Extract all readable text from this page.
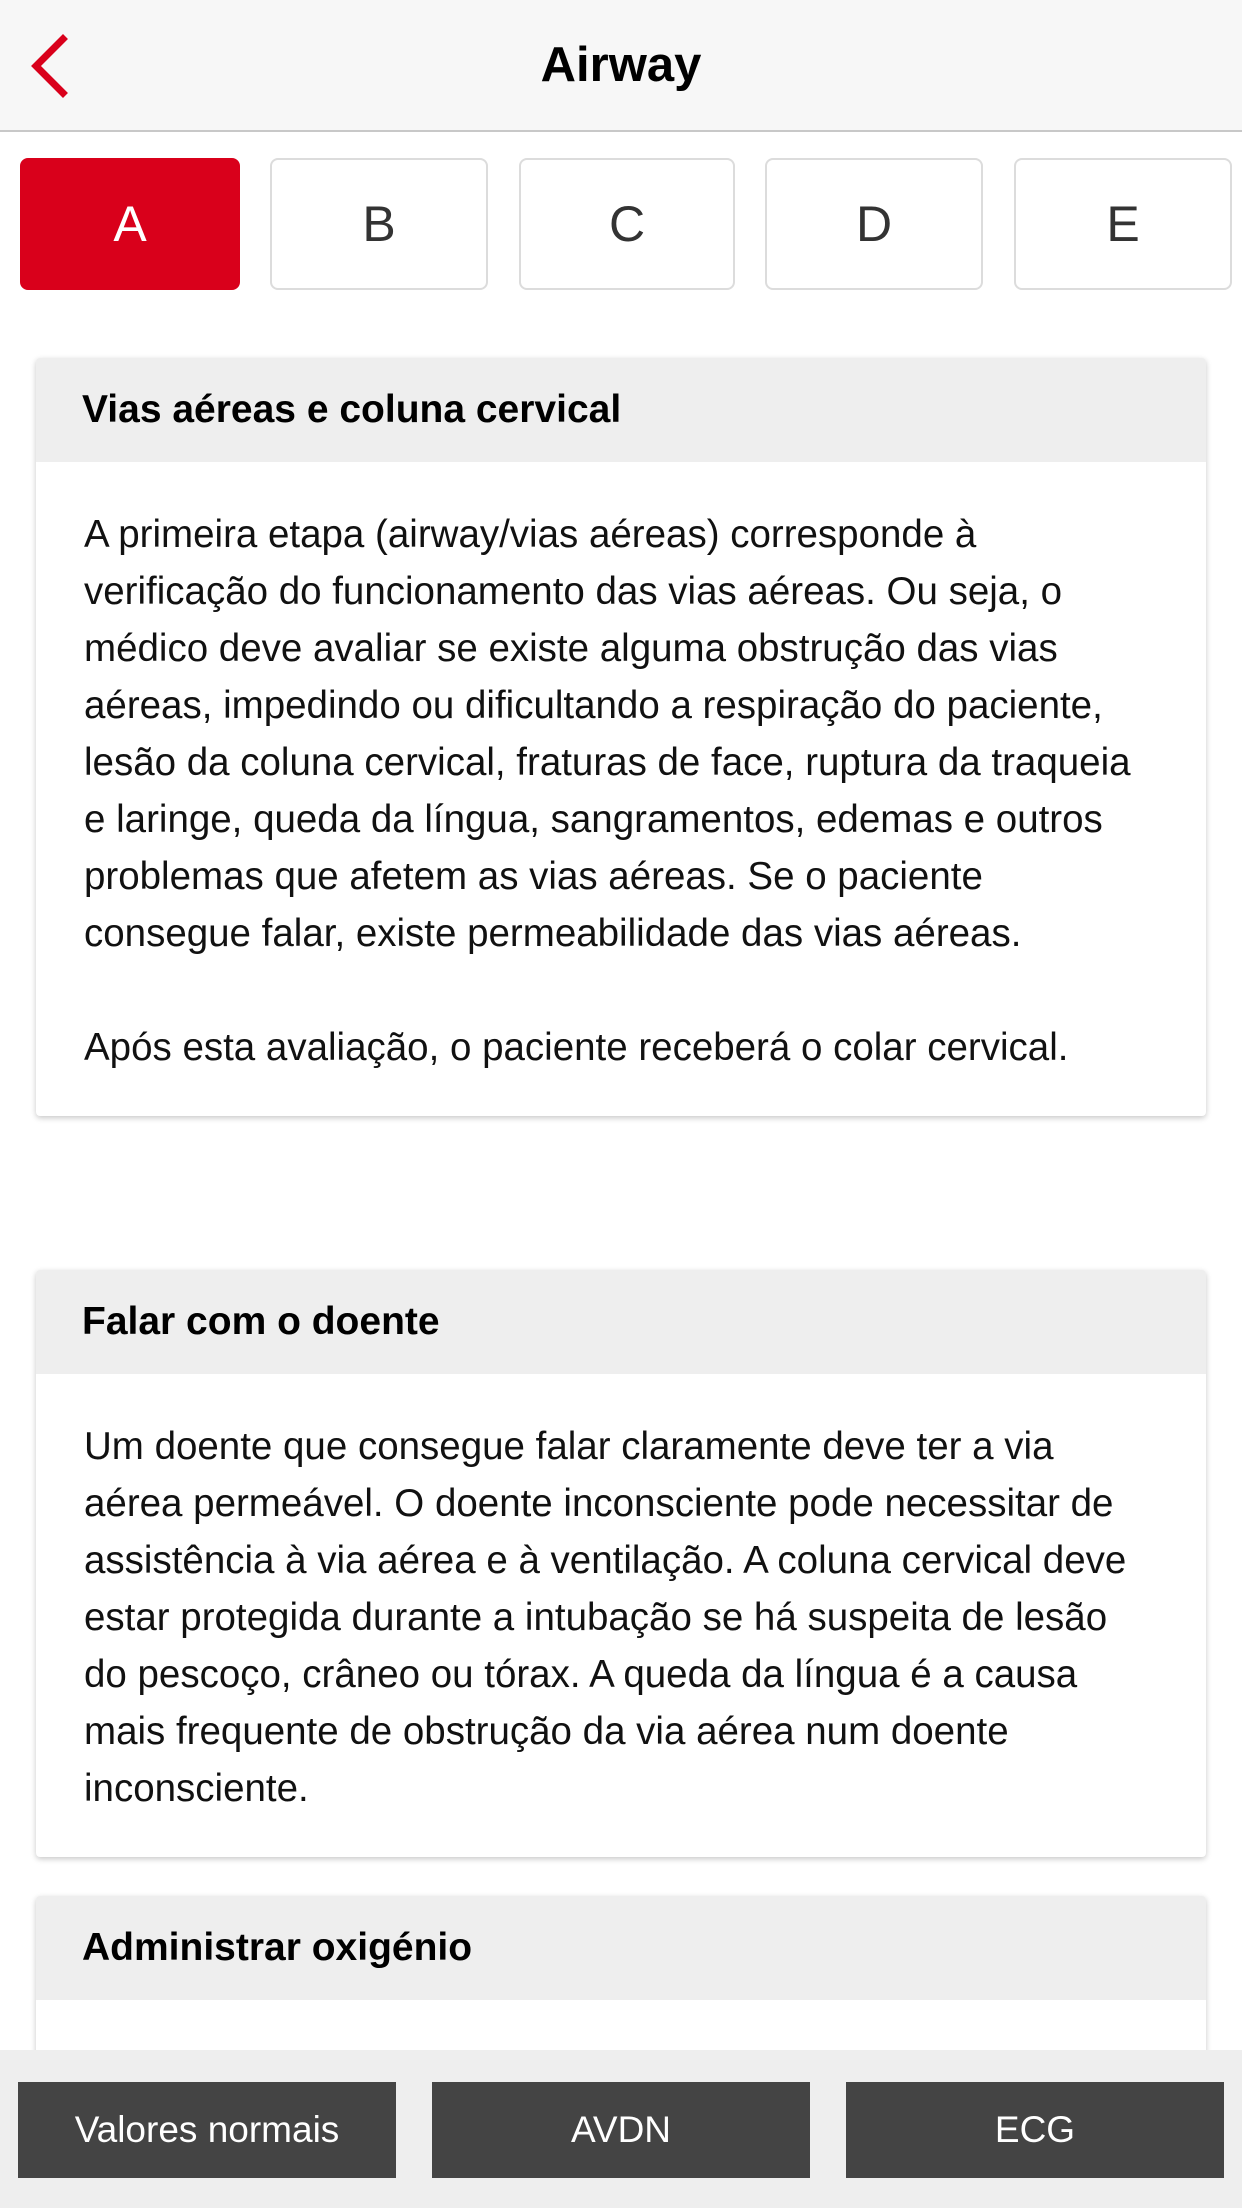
Airway
A	B	C	D	E
Vias aéreas e coluna cervical

A primeira etapa (airway/vias aéreas) corresponde à verificação do funcionamento das vias aéreas. Ou seja, o médico deve avaliar se existe alguma obstrução das vias aéreas, impedindo ou dificultando a respiração do paciente, lesão da coluna cervical, fraturas de face, ruptura da traqueia e laringe, queda da língua, sangramentos, edemas e outros problemas que afetem as vias aéreas. Se o paciente consegue falar, existe permeabilidade das vias aéreas.

Após esta avaliação, o paciente receberá o colar cervical.

Falar com o doente

Um doente que consegue falar claramente deve ter a via aérea permeável. O doente inconsciente pode necessitar de assistência à via aérea e à ventilação. A coluna cervical deve estar protegida durante a intubação se há suspeita de lesão do pescoço, crâneo ou tórax. A queda da língua é a causa mais frequente de obstrução da via aérea num doente inconsciente.

Administrar oxigénio
Valores normais	AVDN	ECG
